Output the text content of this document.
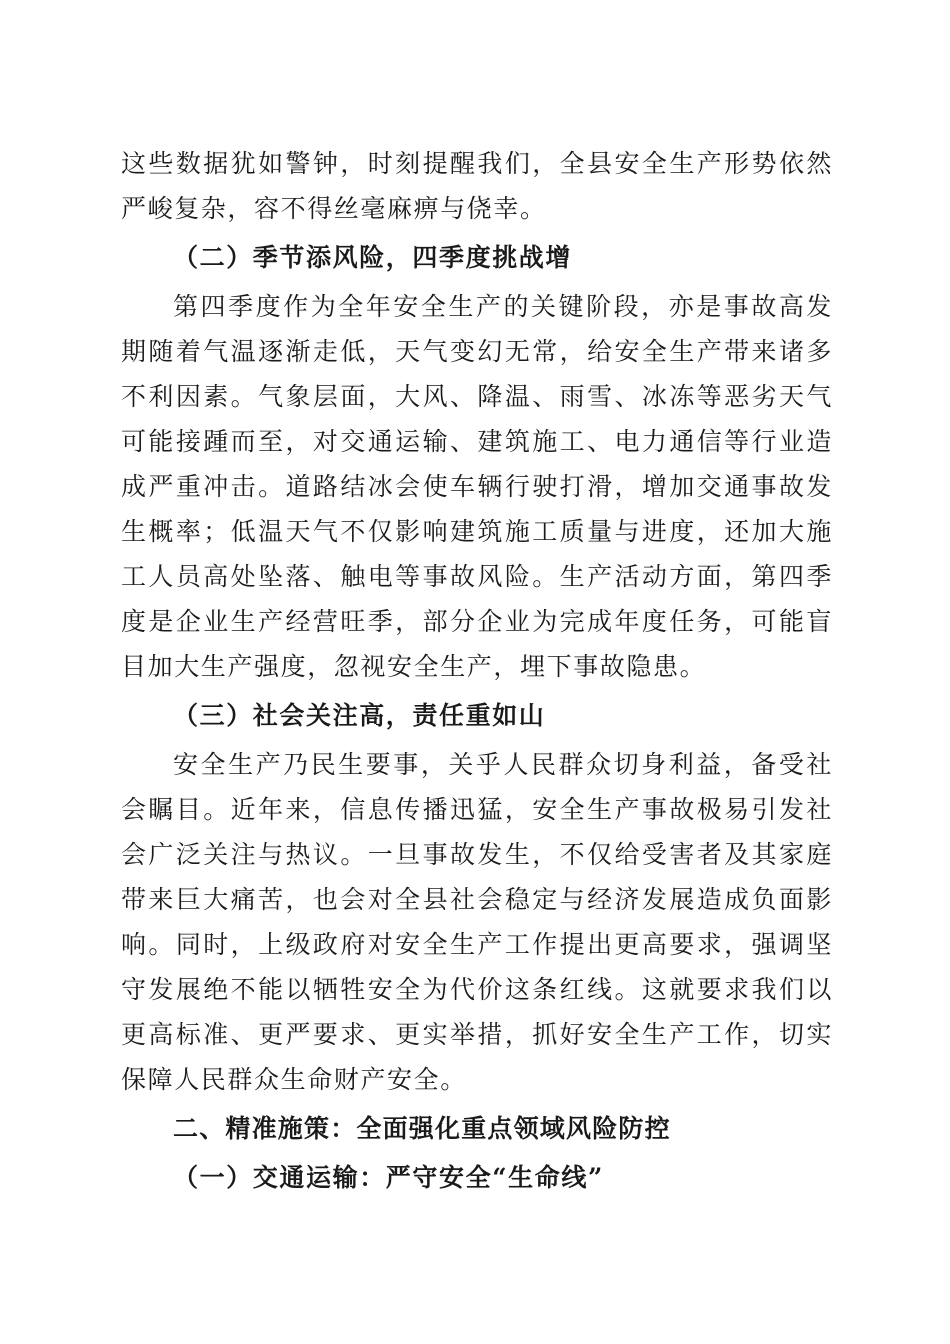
这些数据犹如警钟，时刻提醒我们，全县安全生产形势依然严峻复杂，容不得丝毫麻痹与侥幸。

（二）季节添风险，四季度挑战增

第四季度作为全年安全生产的关键阶段，亦是事故高发期随着气温逐渐走低，天气变幻无常，给安全生产带来诸多不利因素。气象层面，大风、降温、雨雪、冰冻等恶劣天气可能接踵而至，对交通运输、建筑施工、电力通信等行业造成严重冲击。道路结冰会使车辆行驶打滑，增加交通事故发生概率；低温天气不仅影响建筑施工质量与进度，还加大施工人员高处坠落、触电等事故风险。生产活动方面，第四季度是企业生产经营旺季，部分企业为完成年度任务，可能盲目加大生产强度，忽视安全生产，埋下事故隐患。

（三）社会关注高，责任重如山

安全生产乃民生要事，关乎人民群众切身利益，备受社会瞩目。近年来，信息传播迅猛，安全生产事故极易引发社会广泛关注与热议。一旦事故发生，不仅给受害者及其家庭带来巨大痛苦，也会对全县社会稳定与经济发展造成负面影响。同时，上级政府对安全生产工作提出更高要求，强调坚守发展绝不能以牺牲安全为代价这条红线。这就要求我们以更高标准、更严要求、更实举措，抓好安全生产工作，切实保障人民群众生命财产安全。

二、精准施策：全面强化重点领域风险防控

（一）交通运输：严守安全“生命线”
